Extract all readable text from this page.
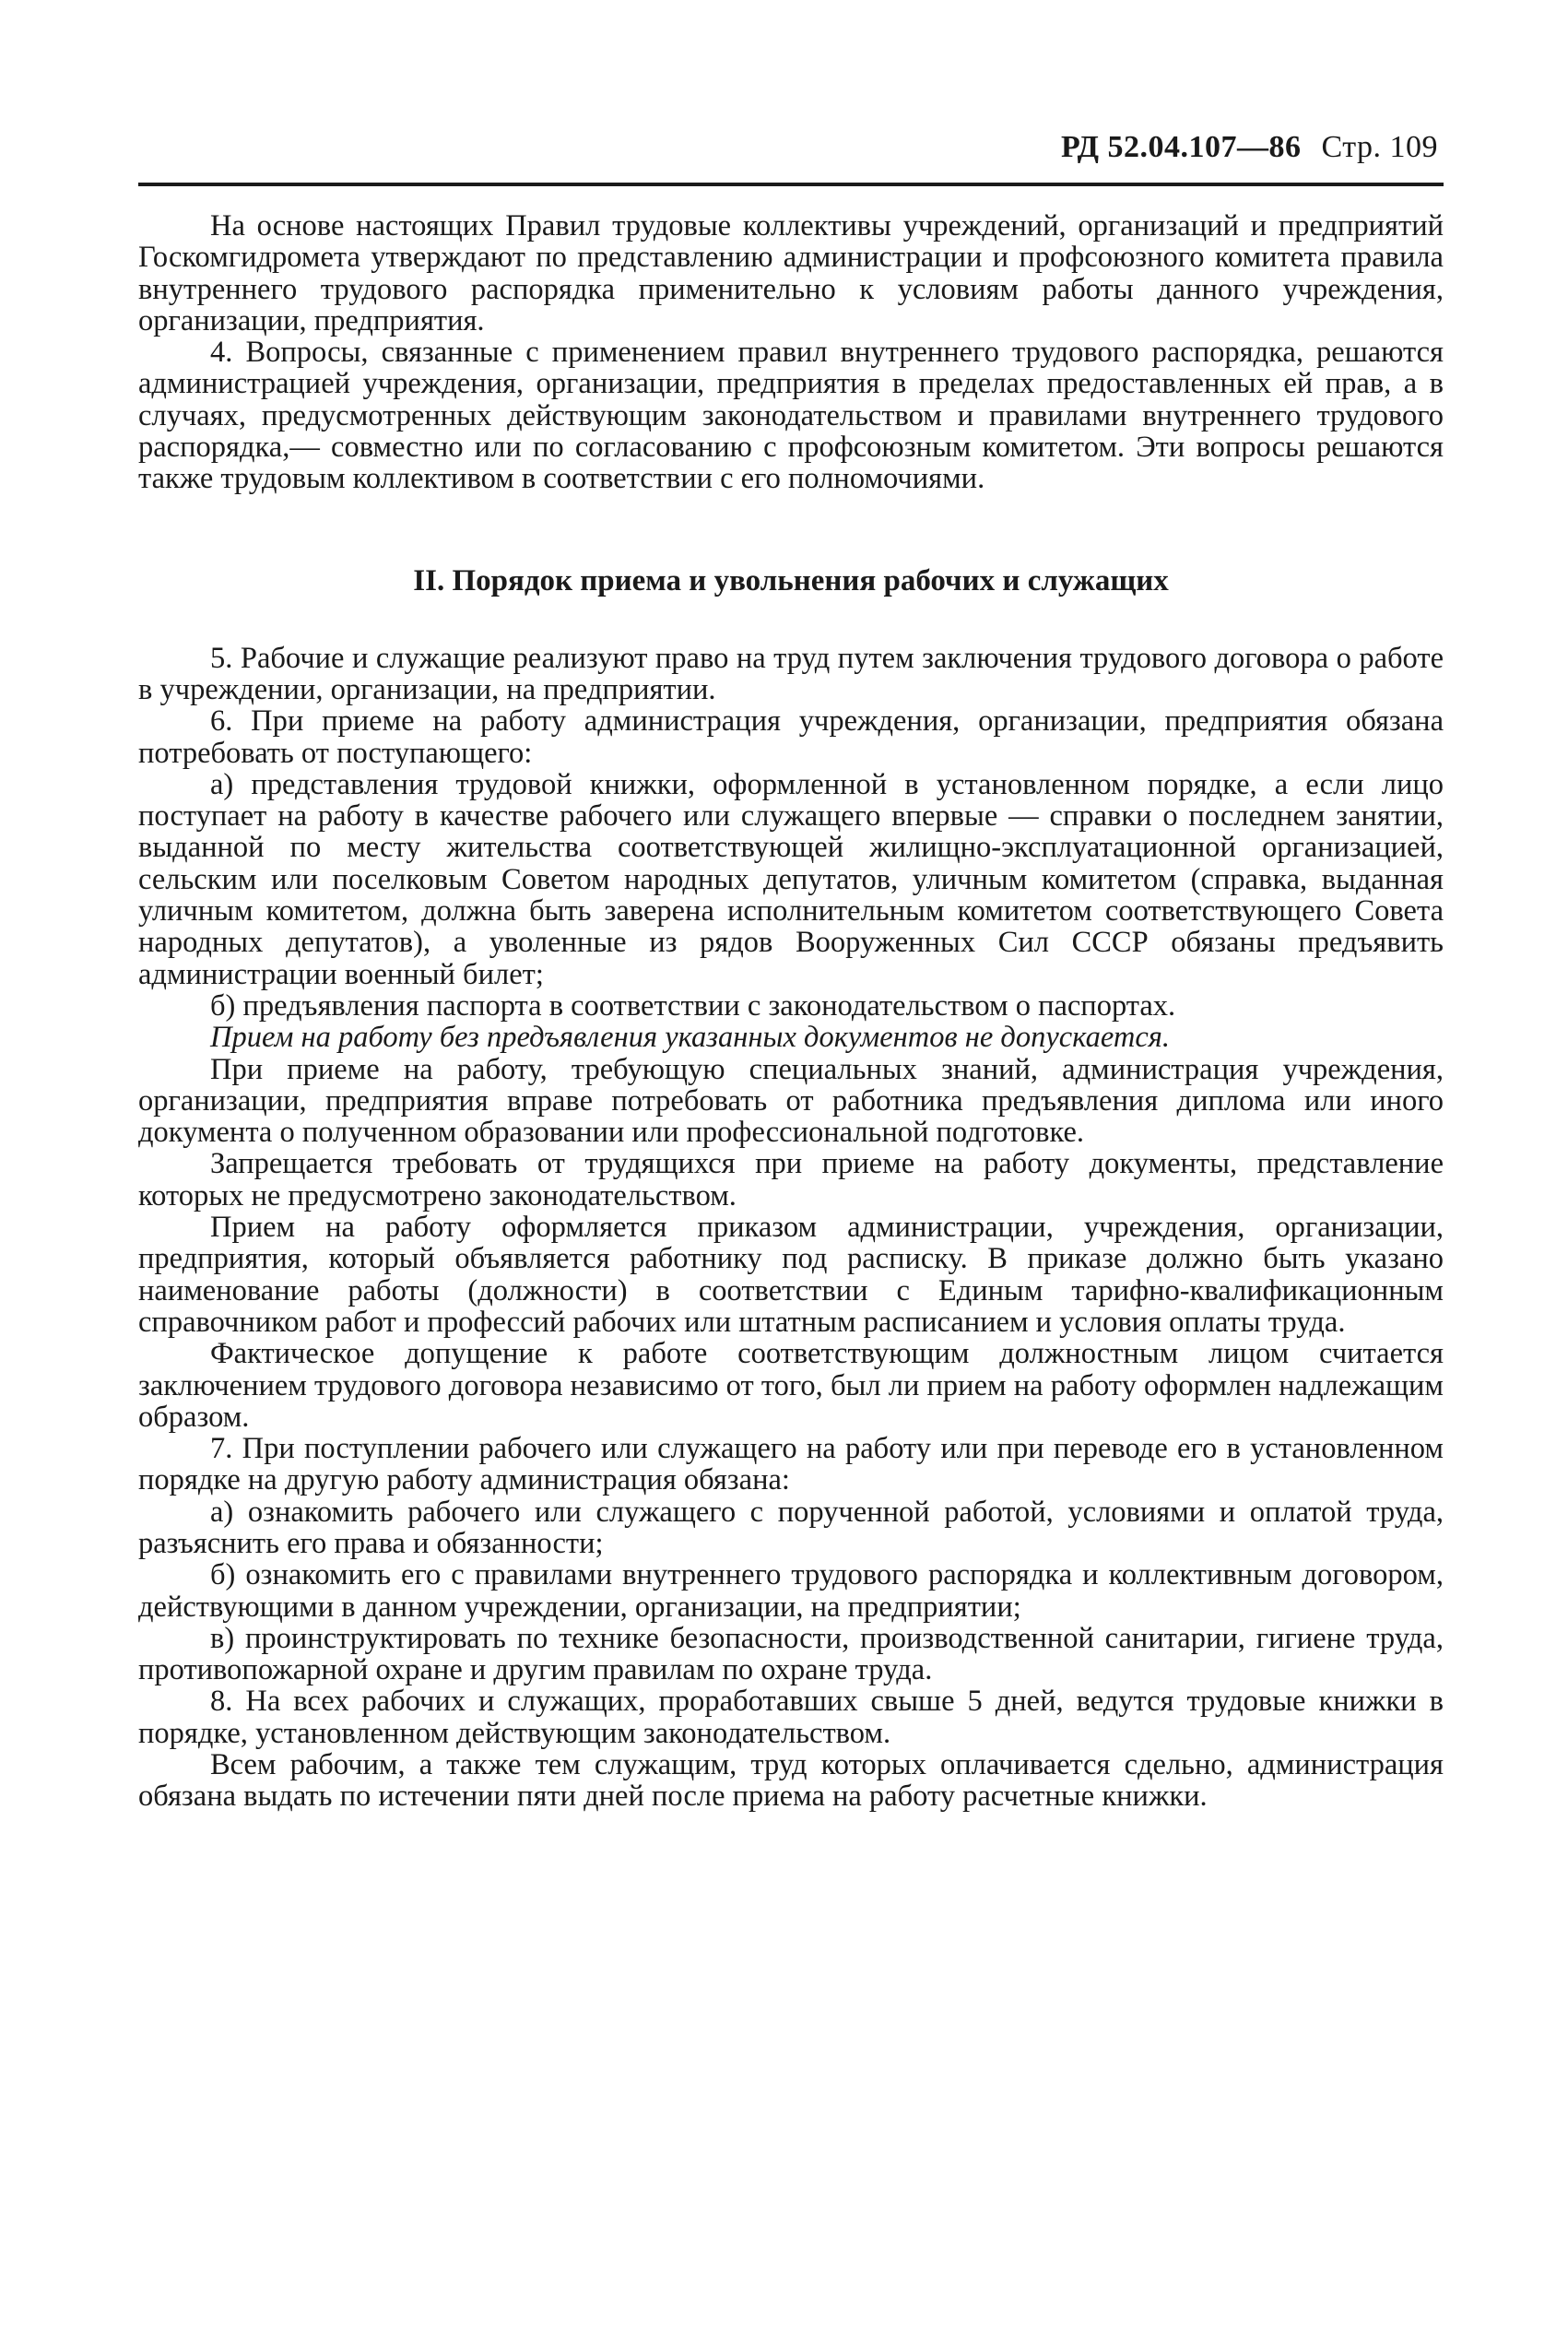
РД 52.04.107—86 Стр. 109

На основе настоящих Правил трудовые коллективы учреждений, организаций и предприятий Госкомгидромета утверждают по представлению администрации и профсоюзного комитета правила внутреннего трудового распорядка применительно к условиям работы данного учреждения, организации, предприятия.

4. Вопросы, связанные с применением правил внутреннего трудового распорядка, решаются администрацией учреждения, организации, предприятия в пределах предоставленных ей прав, а в случаях, предусмотренных действующим законодательством и правилами внутреннего трудового распорядка,— совместно или по согласованию с профсоюзным комитетом. Эти вопросы решаются также трудовым коллективом в соответствии с его полномочиями.

II. Порядок приема и увольнения рабочих и служащих

5. Рабочие и служащие реализуют право на труд путем заключения трудового договора о работе в учреждении, организации, на предприятии.

6. При приеме на работу администрация учреждения, организации, предприятия обязана потребовать от поступающего:

а) представления трудовой книжки, оформленной в установленном порядке, а если лицо поступает на работу в качестве рабочего или служащего впервые — справки о последнем занятии, выданной по месту жительства соответствующей жилищно-эксплуатационной организацией, сельским или поселковым Советом народных депутатов, уличным комитетом (справка, выданная уличным комитетом, должна быть заверена исполнительным комитетом соответствующего Совета народных депутатов), а уволенные из рядов Вооруженных Сил СССР обязаны предъявить администрации военный билет;

б) предъявления паспорта в соответствии с законодательством о паспортах.

Прием на работу без предъявления указанных документов не допускается.

При приеме на работу, требующую специальных знаний, администрация учреждения, организации, предприятия вправе потребовать от работника предъявления диплома или иного документа о полученном образовании или профессиональной подготовке.

Запрещается требовать от трудящихся при приеме на работу документы, представление которых не предусмотрено законодательством.

Прием на работу оформляется приказом администрации, учреждения, организации, предприятия, который объявляется работнику под расписку. В приказе должно быть указано наименование работы (должности) в соответствии с Единым тарифно-квалификационным справочником работ и профессий рабочих или штатным расписанием и условия оплаты труда.

Фактическое допущение к работе соответствующим должностным лицом считается заключением трудового договора независимо от того, был ли прием на работу оформлен надлежащим образом.

7. При поступлении рабочего или служащего на работу или при переводе его в установленном порядке на другую работу администрация обязана:

а) ознакомить рабочего или служащего с порученной работой, условиями и оплатой труда, разъяснить его права и обязанности;

б) ознакомить его с правилами внутреннего трудового распорядка и коллективным договором, действующими в данном учреждении, организации, на предприятии;

в) проинструктировать по технике безопасности, производственной санитарии, гигиене труда, противопожарной охране и другим правилам по охране труда.

8. На всех рабочих и служащих, проработавших свыше 5 дней, ведутся трудовые книжки в порядке, установленном действующим законодательством.

Всем рабочим, а также тем служащим, труд которых оплачивается сдельно, администрация обязана выдать по истечении пяти дней после приема на работу расчетные книжки.
